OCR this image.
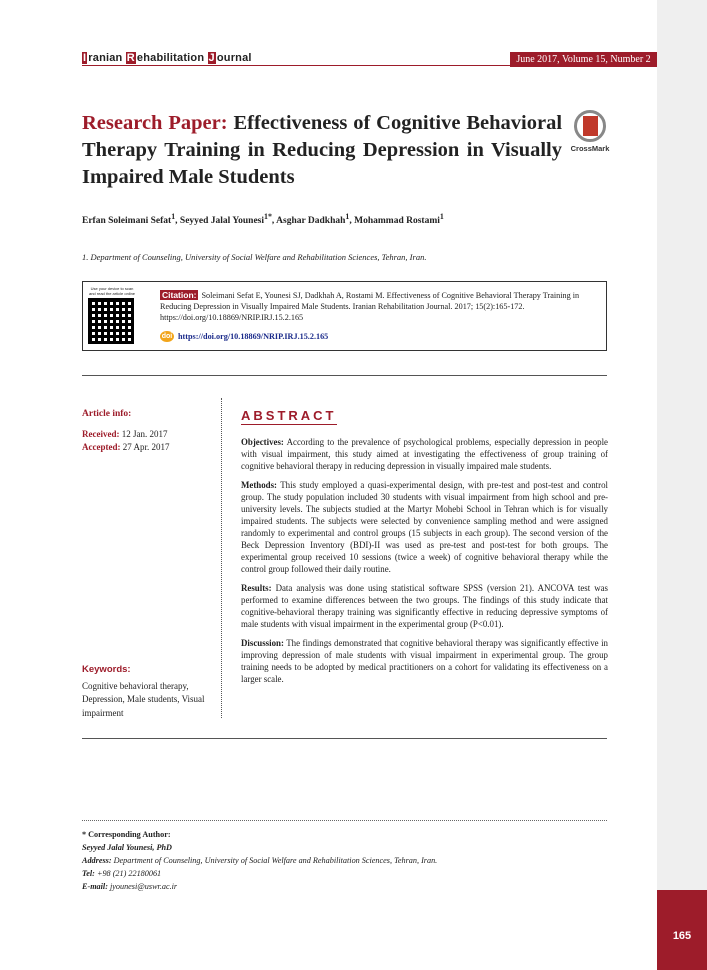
165
I ranian R ehabilitation J ournal	June 2017, Volume 15, Number 2
Research Paper: Effectiveness of Cognitive Behavioral Therapy Training in Reducing Depression in Visually Impaired Male Students
CrossMark
Erfan Soleimani Sefat$^1$, Seyyed Jalal Younesi$^{1*}$, Asghar Dadkhah$^1$, Mohammad Rostami$^1$
1. Department of Counseling, University of Social Welfare and Rehabilitation Sciences, Tehran, Iran.
Use your device to scan and read the article online	Citation: Soleimani Sefat E, Younesi SJ, Dadkhah A, Rostami M. Effectiveness of Cognitive Behavioral Therapy Training in Reducing Depression in Visually Impaired Male Students. Iranian Rehabilitation Journal. 2017; 15(2):165-172. https://doi.org/10.18869/NRIP.IRJ.15.2.165
doi https://doi.org/10.18869/NRIP.IRJ.15.2.165
Article info:
Received: 12 Jan. 2017
Accepted: 27 Apr. 2017
Keywords:
Cognitive behavioral therapy, Depression, Male students, Visual impairment
ABSTRACT

Objectives: According to the prevalence of psychological problems, especially depression in people with visual impairment, this study aimed at investigating the effectiveness of group training of cognitive behavioral therapy in reducing depression in visually impaired male students.

Methods: This study employed a quasi-experimental design, with pre-test and post-test and control group. The study population included 30 students with visual impairment from high school and pre-university levels. The subjects studied at the Martyr Mohebi School in Tehran which is for visually impaired students. The subjects were selected by convenience sampling method and were assigned randomly to experimental and control groups (15 subjects in each group). The second version of the Beck Depression Inventory (BDI)-II was used as pre-test and post-test for both groups. The experimental group received 10 sessions (twice a week) of cognitive behavioral therapy while the control group followed their daily routine.

Results: Data analysis was done using statistical software SPSS (version 21). ANCOVA test was performed to examine differences between the two groups. The findings of this study indicate that cognitive-behavioral therapy training was significantly effective in reducing depressive symptoms of male students with visual impairment in the experimental group (P<0.01).

Discussion: The findings demonstrated that cognitive behavioral therapy was significantly effective in improving depression of male students with visual impairment in experimental group. The group training needs to be adopted by medical practitioners on a cohort for validating its effectiveness on a larger scale.

* Corresponding Author:
Seyyed Jalal Younesi, PhD
Address: Department of Counseling, University of Social Welfare and Rehabilitation Sciences, Tehran, Iran.
Tel: +98 (21) 22180061
E-mail: jyounesi@uswr.ac.ir
